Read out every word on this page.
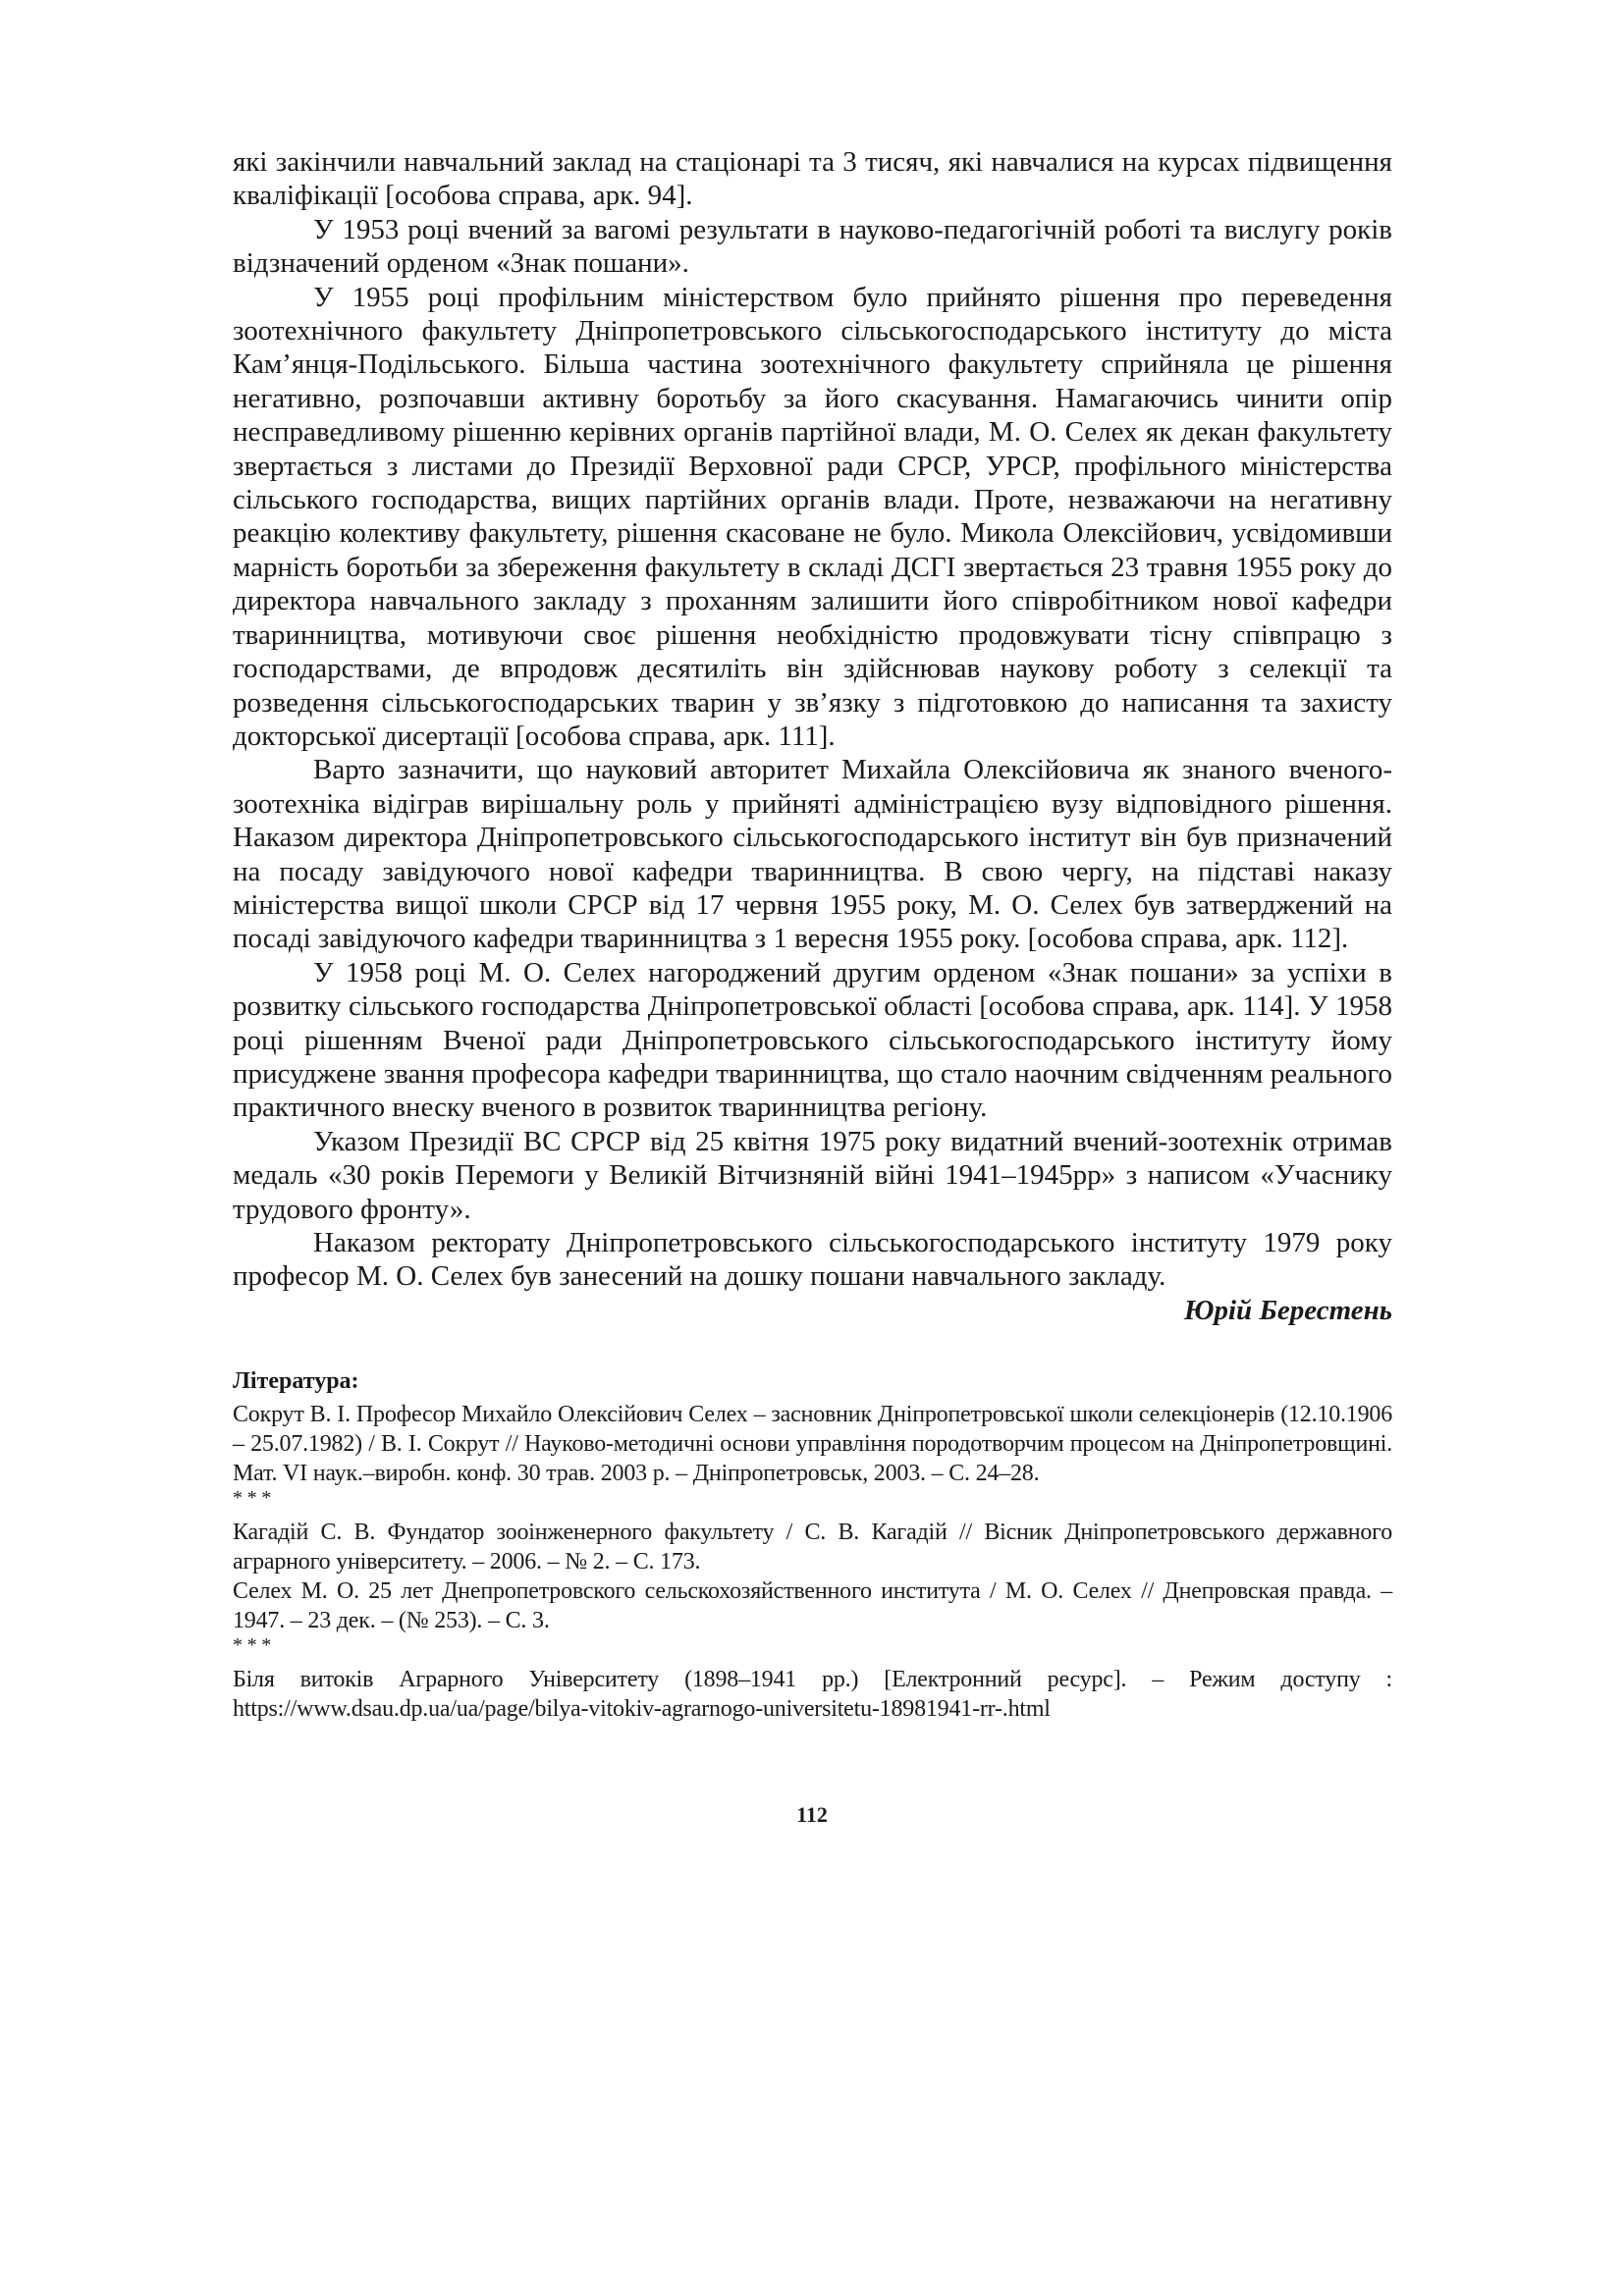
які закінчили навчальний заклад на стаціонарі та 3 тисяч, які навчалися на курсах підвищення кваліфікації [особова справа, арк. 94].

У 1953 році вчений за вагомі результати в науково-педагогічній роботі та вислугу років відзначений орденом «Знак пошани».

У 1955 році профільним міністерством було прийнято рішення про переведення зоотехнічного факультету Дніпропетровського сільськогосподарського інституту до міста Кам’янця-Подільського. Більша частина зоотехнічного факультету сприйняла це рішення негативно, розпочавши активну боротьбу за його скасування. Намагаючись чинити опір несправедливому рішенню керівних органів партійної влади, М. О. Селех як декан факультету звертається з листами до Президії Верховної ради СРСР, УРСР, профільного міністерства сільського господарства, вищих партійних органів влади. Проте, незважаючи на негативну реакцію колективу факультету, рішення скасоване не було. Микола Олексійович, усвідомивши марність боротьби за збереження факультету в складі ДСГІ звертається 23 травня 1955 року до директора навчального закладу з проханням залишити його співробітником нової кафедри тваринництва, мотивуючи своє рішення необхідністю продовжувати тісну співпрацю з господарствами, де впродовж десятиліть він здійснював наукову роботу з селекції та розведення сільськогосподарських тварин у зв’язку з підготовкою до написання та захисту докторської дисертації [особова справа, арк. 111].

Варто зазначити, що науковий авторитет Михайла Олексійовича як знаного вченого-зоотехніка відіграв вирішальну роль у прийняті адміністрацією вузу відповідного рішення. Наказом директора Дніпропетровського сільськогосподарського інститут він був призначений на посаду завідуючого нової кафедри тваринництва. В свою чергу, на підставі наказу міністерства вищої школи СРСР від 17 червня 1955 року, М. О. Селех був затверджений на посаді завідуючого кафедри тваринництва з 1 вересня 1955 року. [особова справа, арк. 112].

У 1958 році М. О. Селех нагороджений другим орденом «Знак пошани» за успіхи в розвитку сільського господарства Дніпропетровської області [особова справа, арк. 114]. У 1958 році рішенням Вченої ради Дніпропетровського сільськогосподарського інституту йому присуджене звання професора кафедри тваринництва, що стало наочним свідченням реального практичного внеску вченого в розвиток тваринництва регіону.

Указом Президії ВС СРСР від 25 квітня 1975 року видатний вчений-зоотехнік отримав медаль «30 років Перемоги у Великій Вітчизняній війні 1941–1945рр» з написом «Учаснику трудового фронту».

Наказом ректорату Дніпропетровського сільськогосподарського інституту 1979 року професор М. О. Селех був занесений на дошку пошани навчального закладу.

Юрій Берестень

Література:
Сокрут В. І. Професор Михайло Олексійович Селех – засновник Дніпропетровської школи селекціонерів (12.10.1906 – 25.07.1982) / В. І. Сокрут // Науково-методичні основи управління породотворчим процесом на Дніпропетровщині. Мат. VI наук.–виробн. конф. 30 трав. 2003 р. – Дніпропетровськ, 2003. – С. 24–28.
* * *
Кагадій С. В. Фундатор зооінженерного факультету / С. В. Кагадій // Вісник Дніпропетровського державного аграрного університету. – 2006. – № 2. – С. 173.
Селех М. О. 25 лет Днепропетровского сельскохозяйственного института / М. О. Селех // Днепровская правда. – 1947. – 23 дек. – (№ 253). – С. 3.
* * *
Біля витоків Аграрного Університету (1898–1941 рр.) [Електронний ресурс]. – Режим доступу : https://www.dsau.dp.ua/ua/page/bilya-vitokiv-agrarnogo-universitetu-18981941-rr-.html
112
